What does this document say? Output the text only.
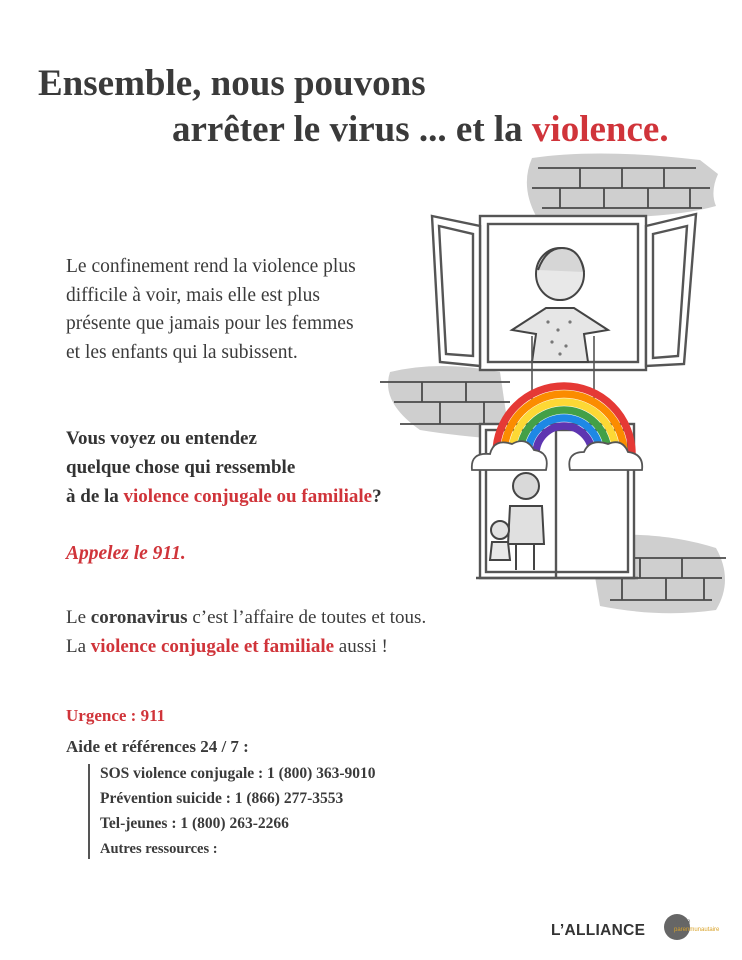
Ensemble, nous pouvons
arrêter le virus ... et la violence.
Le confinement rend la violence plus
difficile à voir, mais elle est plus
présente que jamais pour les femmes
et les enfants qui la subissent.
Vous voyez ou entendez
quelque chose qui ressemble
à de la violence conjugale ou familiale?
Appelez le 911.
Le coronavirus c’est l’affaire de toutes et tous.
La violence conjugale et familiale aussi !
Urgence : 911
Aide et références 24 / 7 :
SOS violence conjugale : 1 (800) 363-9010
Prévention suicide : 1 (866) 277-3553
Tel-jeunes : 1 (800) 263-2266
Autres ressources :
L’ALLIANCE	gence
parenmunautaire
